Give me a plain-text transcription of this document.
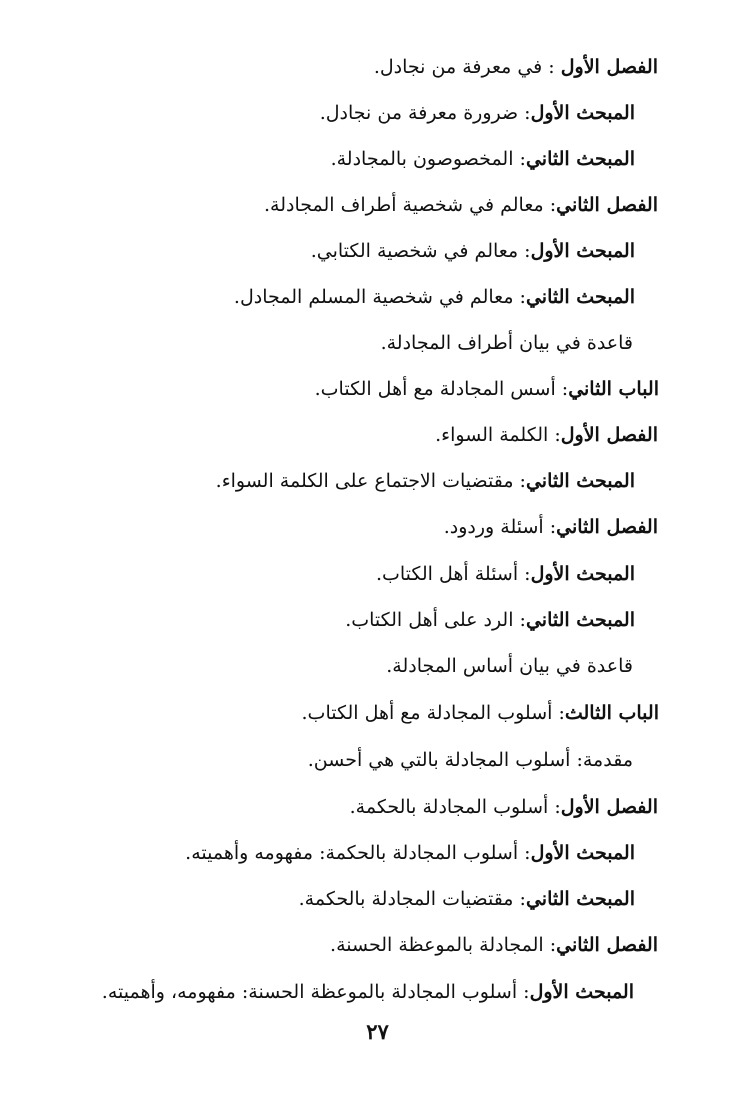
الفصل الأول : في معرفة من نجادل.
المبحث الأول: ضرورة معرفة من نجادل.
المبحث الثاني: المخصوصون بالمجادلة.
الفصل الثاني: معالم في شخصية أطراف المجادلة.
المبحث الأول: معالم في شخصية الكتابي.
المبحث الثاني: معالم في شخصية المسلم المجادل.
قاعدة في بيان أطراف المجادلة.
الباب الثاني: أسس المجادلة مع أهل الكتاب.
الفصل الأول: الكلمة السواء.
المبحث الثاني: مقتضيات الاجتماع على الكلمة السواء.
الفصل الثاني: أسئلة وردود.
المبحث الأول: أسئلة أهل الكتاب.
المبحث الثاني: الرد على أهل الكتاب.
قاعدة في بيان أساس المجادلة.
الباب الثالث: أسلوب المجادلة مع أهل الكتاب.
مقدمة: أسلوب المجادلة بالتي هي أحسن.
الفصل الأول: أسلوب المجادلة بالحكمة.
المبحث الأول: أسلوب المجادلة بالحكمة: مفهومه وأهميته.
المبحث الثاني: مقتضيات المجادلة بالحكمة.
الفصل الثاني: المجادلة بالموعظة الحسنة.
المبحث الأول: أسلوب المجادلة بالموعظة الحسنة: مفهومه، وأهميته.
٢٧
